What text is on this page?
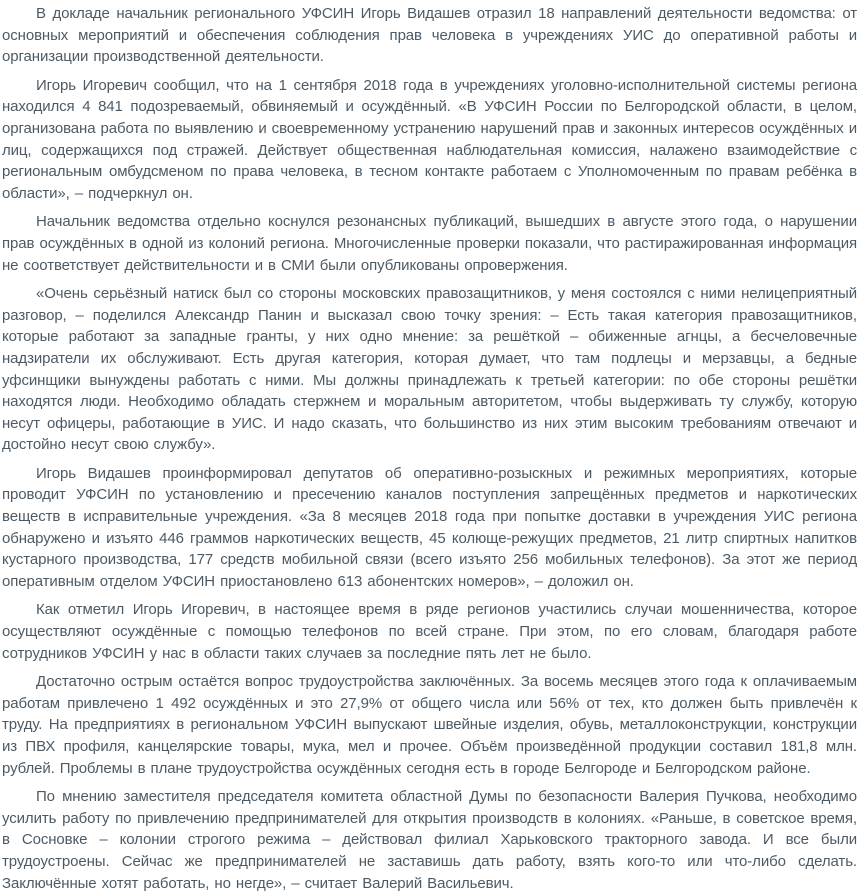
В докладе начальник регионального УФСИН Игорь Видашев отразил 18 направлений деятельности ведомства: от основных мероприятий и обеспечения соблюдения прав человека в учреждениях УИС до оперативной работы и организации производственной деятельности.

Игорь Игоревич сообщил, что на 1 сентября 2018 года в учреждениях уголовно-исполнительной системы региона находился 4 841 подозреваемый, обвиняемый и осуждённый. «В УФСИН России по Белгородской области, в целом, организована работа по выявлению и своевременному устранению нарушений прав и законных интересов осуждённых и лиц, содержащихся под стражей. Действует общественная наблюдательная комиссия, налажено взаимодействие с региональным омбудсменом по права человека, в тесном контакте работаем с Уполномоченным по правам ребёнка в области», – подчеркнул он.

Начальник ведомства отдельно коснулся резонансных публикаций, вышедших в августе этого года, о нарушении прав осуждённых в одной из колоний региона. Многочисленные проверки показали, что растиражированная информация не соответствует действительности и в СМИ были опубликованы опровержения.

«Очень серьёзный натиск был со стороны московских правозащитников, у меня состоялся с ними нелицеприятный разговор, – поделился Александр Панин и высказал свою точку зрения: – Есть такая категория правозащитников, которые работают за западные гранты, у них одно мнение: за решёткой – обиженные агнцы, а бесчеловечные надзиратели их обслуживают. Есть другая категория, которая думает, что там подлецы и мерзавцы, а бедные уфсинщики вынуждены работать с ними. Мы должны принадлежать к третьей категории: по обе стороны решётки находятся люди. Необходимо обладать стержнем и моральным авторитетом, чтобы выдерживать ту службу, которую несут офицеры, работающие в УИС. И надо сказать, что большинство из них этим высоким требованиям отвечают и достойно несут свою службу».

Игорь Видашев проинформировал депутатов об оперативно-розыскных и режимных мероприятиях, которые проводит УФСИН по установлению и пресечению каналов поступления запрещённых предметов и наркотических веществ в исправительные учреждения. «За 8 месяцев 2018 года при попытке доставки в учреждения УИС региона обнаружено и изъято 446 граммов наркотических веществ, 45 колюще-режущих предметов, 21 литр спиртных напитков кустарного производства, 177 средств мобильной связи (всего изъято 256 мобильных телефонов). За этот же период оперативным отделом УФСИН приостановлено 613 абонентских номеров», – доложил он.

Как отметил Игорь Игоревич, в настоящее время в ряде регионов участились случаи мошенничества, которое осуществляют осуждённые с помощью телефонов по всей стране. При этом, по его словам, благодаря работе сотрудников УФСИН у нас в области таких случаев за последние пять лет не было.

Достаточно острым остаётся вопрос трудоустройства заключённых. За восемь месяцев этого года к оплачиваемым работам привлечено 1 492 осуждённых и это 27,9% от общего числа или 56% от тех, кто должен быть привлечён к труду. На предприятиях в региональном УФСИН выпускают швейные изделия, обувь, металлоконструкции, конструкции из ПВХ профиля, канцелярские товары, мука, мел и прочее. Объём произведённой продукции составил 181,8 млн. рублей. Проблемы в плане трудоустройства осуждённых сегодня есть в городе Белгороде и Белгородском районе.

По мнению заместителя председателя комитета областной Думы по безопасности Валерия Пучкова, необходимо усилить работу по привлечению предпринимателей для открытия производств в колониях. «Раньше, в советское время, в Сосновке – колонии строгого режима – действовал филиал Харьковского тракторного завода. И все были трудоустроены. Сейчас же предпринимателей не заставишь дать работу, взять кого-то или что-либо сделать. Заключённые хотят работать, но негде», – считает Валерий Васильевич.
